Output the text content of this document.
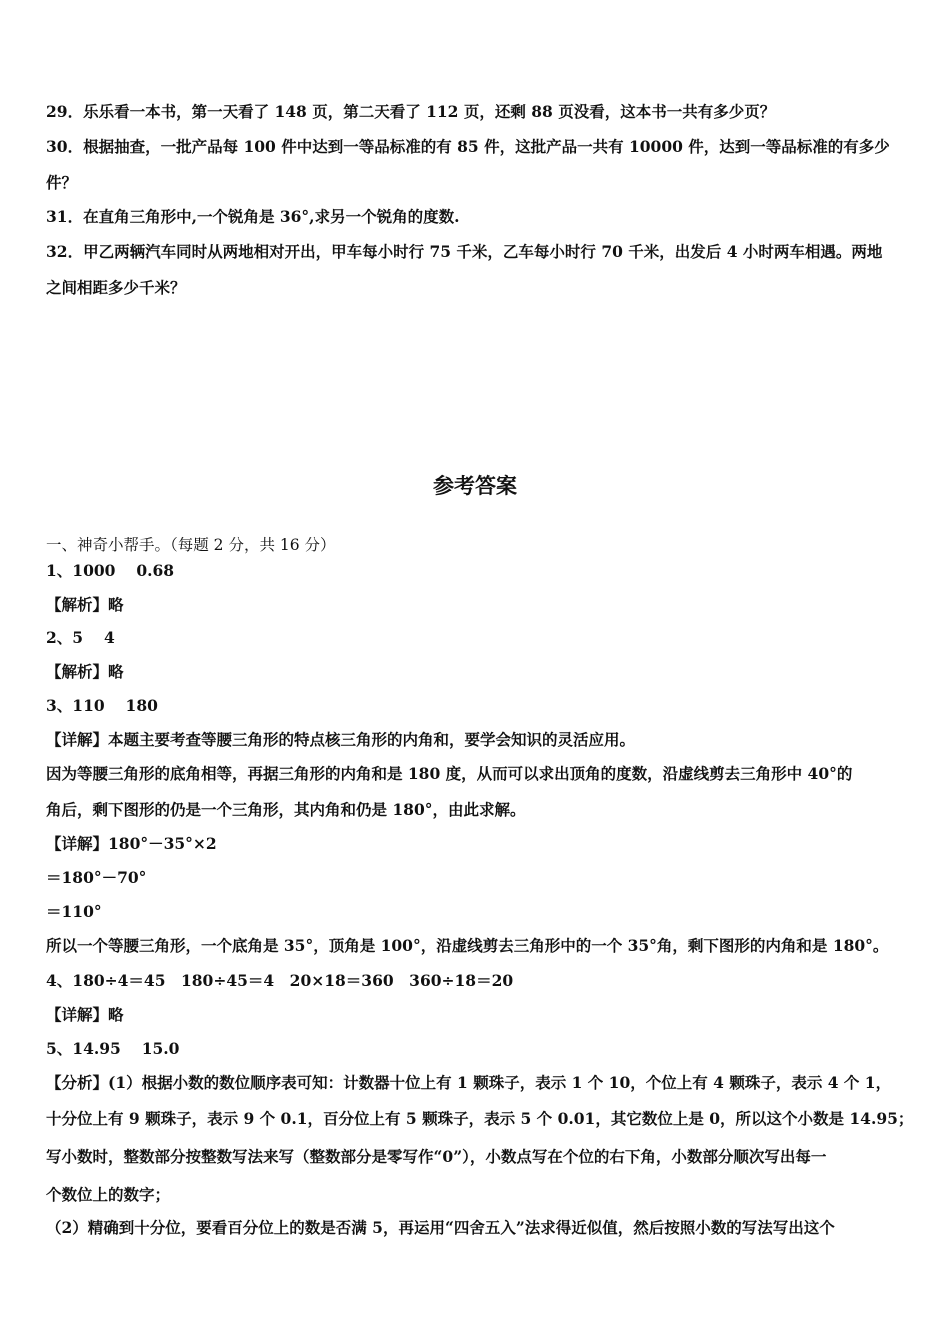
29．乐乐看一本书，第一天看了 148 页，第二天看了 112 页，还剩 88 页没看，这本书一共有多少页？
30．根据抽查，一批产品每 100 件中达到一等品标准的有 85 件，这批产品一共有 10000 件，达到一等品标准的有多少
件？
31．在直角三角形中,一个锐角是 36°,求另一个锐角的度数.
32．甲乙两辆汽车同时从两地相对开出，甲车每小时行 75 千米，乙车每小时行 70 千米，出发后 4 小时两车相遇。两地
之间相距多少千米？
参考答案
一、神奇小帮手。（每题 2 分，共 16 分）
1、1000　 0.68
【解析】略
2、5　 4
【解析】略
3、110　 180
【详解】本题主要考查等腰三角形的特点核三角形的内角和，要学会知识的灵活应用。
因为等腰三角形的底角相等，再据三角形的内角和是 180 度，从而可以求出顶角的度数，沿虚线剪去三角形中 40°的
角后，剩下图形的仍是一个三角形，其内角和仍是 180°，由此求解。
【详解】180°－35°×2
＝180°－70°
＝110°
所以一个等腰三角形，一个底角是 35°，顶角是 100°，沿虚线剪去三角形中的一个 35°角，剩下图形的内角和是 180°。
4、180÷4＝45　180÷45＝4　20×18＝360　360÷18＝20
【详解】略
5、14.95　 15.0
【分析】(1）根据小数的数位顺序表可知：计数器十位上有 1 颗珠子，表示 1 个 10，个位上有 4 颗珠子，表示 4 个 1，
十分位上有 9 颗珠子，表示 9 个 0.1，百分位上有 5 颗珠子，表示 5 个 0.01，其它数位上是 0，所以这个小数是 14.95；
写小数时，整数部分按整数写法来写（整数部分是零写作“0”），小数点写在个位的右下角，小数部分顺次写出每一
个数位上的数字；
（2）精确到十分位，要看百分位上的数是否满 5，再运用“四舍五入”法求得近似值，然后按照小数的写法写出这个
